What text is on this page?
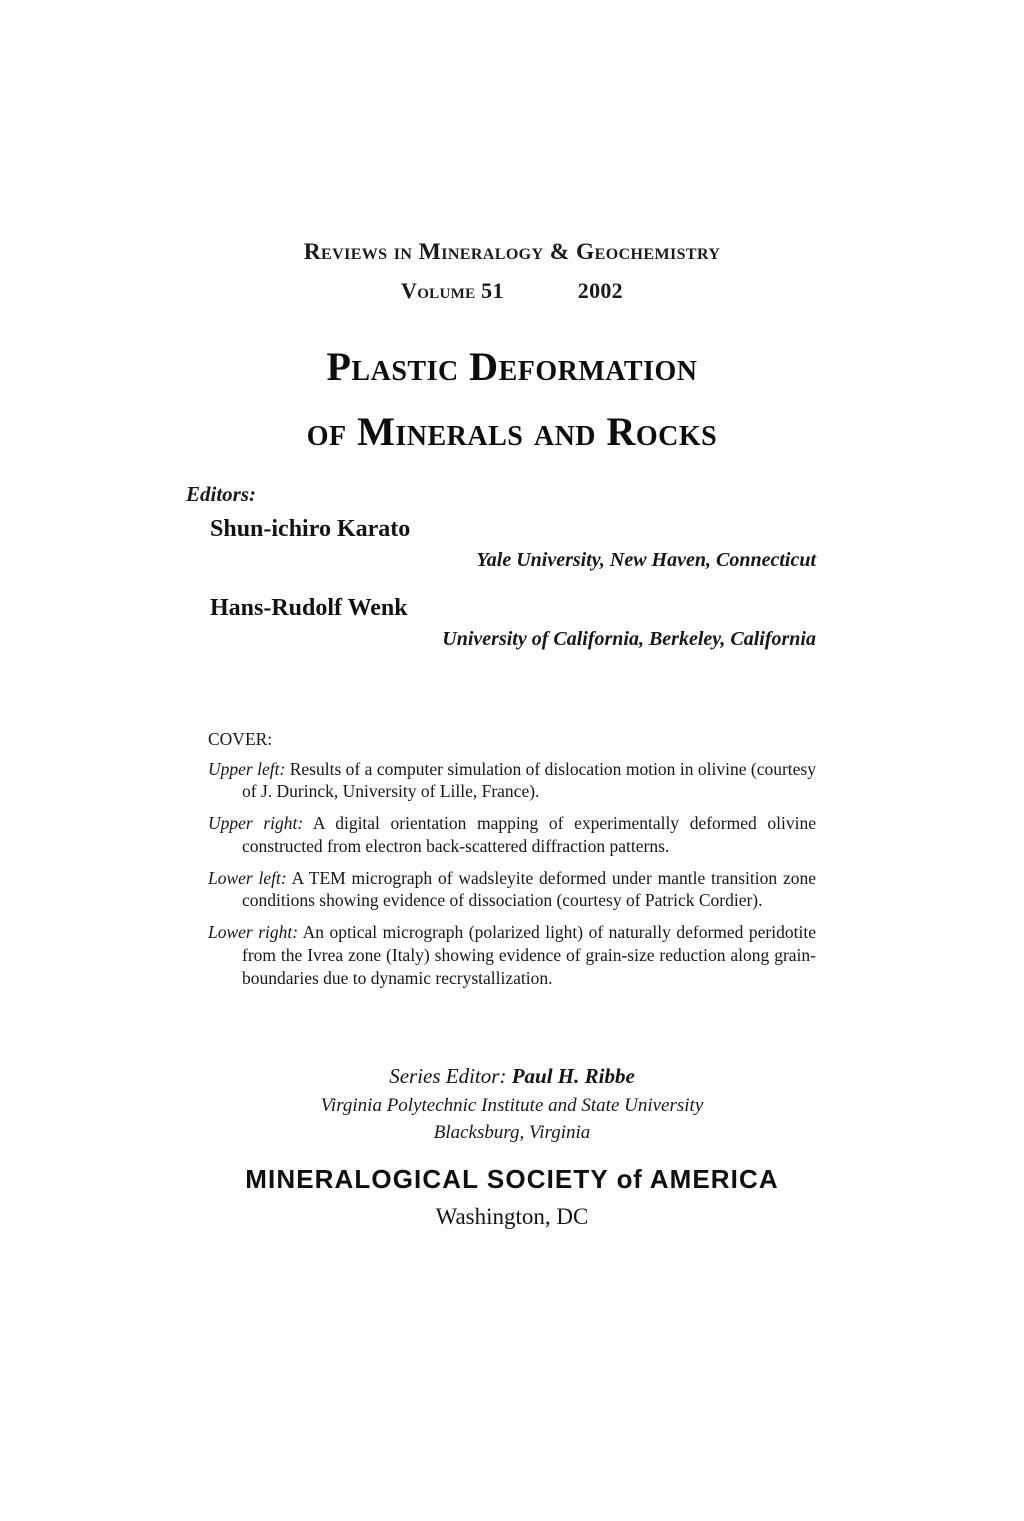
Reviews in Mineralogy & Geochemistry
Volume 51	2002
Plastic Deformation
of Minerals and Rocks
Editors:
Shun-ichiro Karato
Yale University, New Haven, Connecticut
Hans-Rudolf Wenk
University of California, Berkeley, California
COVER:
Upper left: Results of a computer simulation of dislocation motion in olivine (courtesy of J. Durinck, University of Lille, France).
Upper right: A digital orientation mapping of experimentally deformed olivine constructed from electron back-scattered diffraction patterns.
Lower left: A TEM micrograph of wadsleyite deformed under mantle transition zone conditions showing evidence of dissociation (courtesy of Patrick Cordier).
Lower right: An optical micrograph (polarized light) of naturally deformed peridotite from the Ivrea zone (Italy) showing evidence of grain-size reduction along grain-boundaries due to dynamic recrystallization.
Series Editor: Paul H. Ribbe
Virginia Polytechnic Institute and State University
Blacksburg, Virginia
MINERALOGICAL SOCIETY of AMERICA
Washington, DC
